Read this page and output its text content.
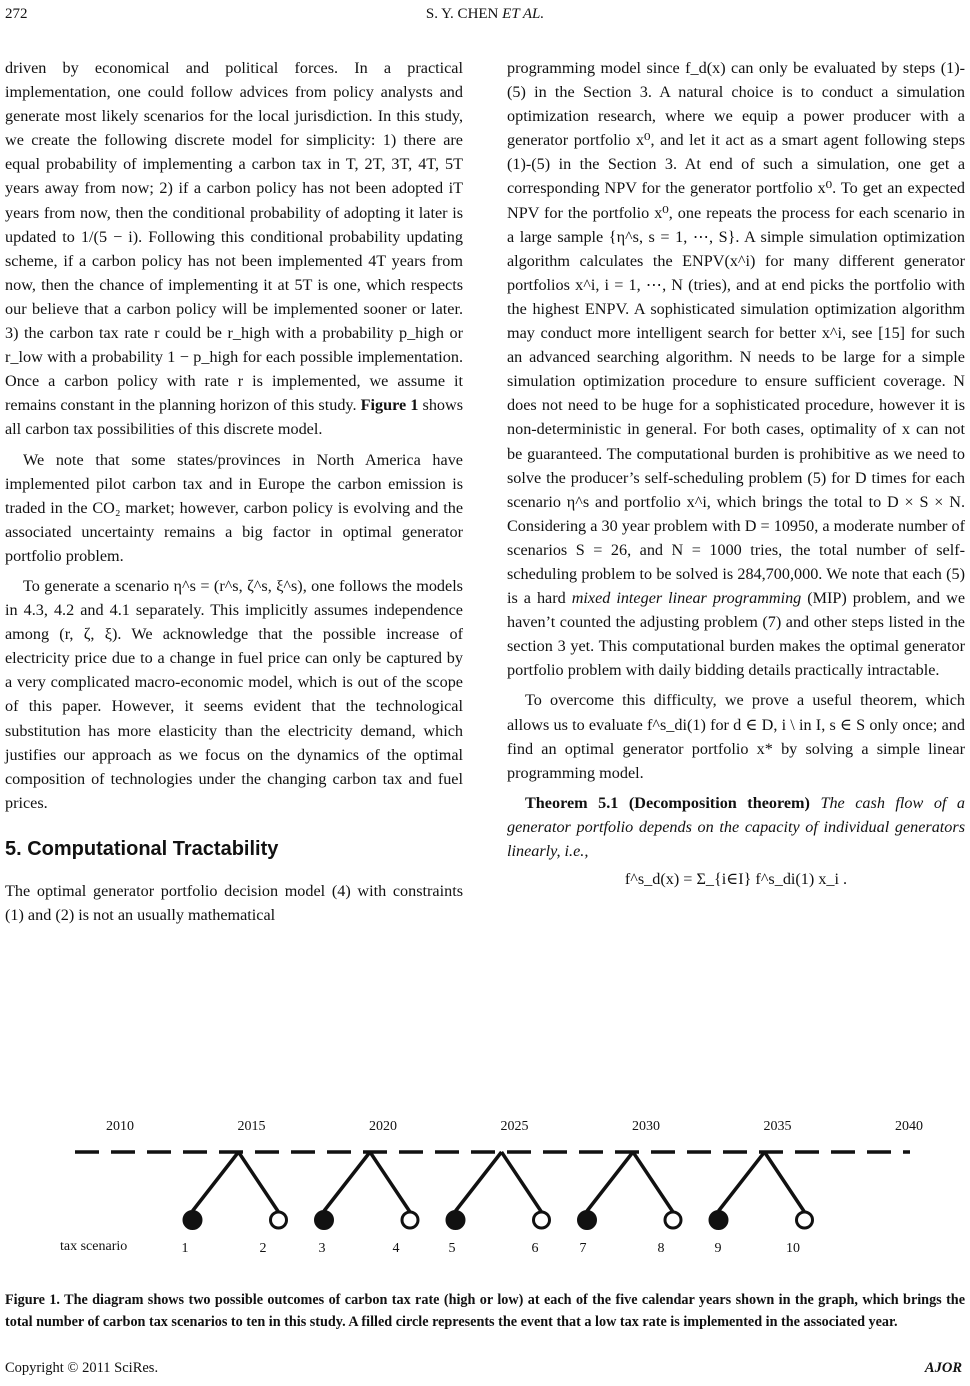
272	S. Y. CHEN ET AL.

driven by economical and political forces. In a practical implementation, one could follow advices from policy analysts and generate most likely scenarios for the local jurisdiction. In this study, we create the following discrete model for simplicity: 1) there are equal probability of implementing a carbon tax in T, 2T, 3T, 4T, 5T years away from now; 2) if a carbon policy has not been adopted iT years from now, then the conditional probability of adopting it later is updated to 1/(5 − i). Following this conditional probability updating scheme, if a carbon policy has not been implemented 4T years from now, then the chance of implementing it at 5T is one, which respects our believe that a carbon policy will be implemented sooner or later. 3) the carbon tax rate r could be r_high with a probability p_high or r_low with a probability 1 − p_high for each possible implementation. Once a carbon policy with rate r is implemented, we assume it remains constant in the planning horizon of this study. Figure 1 shows all carbon tax possibilities of this discrete model.

We note that some states/provinces in North America have implemented pilot carbon tax and in Europe the carbon emission is traded in the CO₂ market; however, carbon policy is evolving and the associated uncertainty remains a big factor in optimal generator portfolio problem.

To generate a scenario η^s = (r^s, ζ^s, ξ^s), one follows the models in 4.3, 4.2 and 4.1 separately. This implicitly assumes independence among (r, ζ, ξ). We acknowledge that the possible increase of electricity price due to a change in fuel price can only be captured by a very complicated macro-economic model, which is out of the scope of this paper. However, it seems evident that the technological substitution has more elasticity than the electricity demand, which justifies our approach as we focus on the dynamics of the optimal composition of technologies under the changing carbon tax and fuel prices.

5. Computational Tractability

The optimal generator portfolio decision model (4) with constraints (1) and (2) is not an usually mathematical

programming model since f_d(x) can only be evaluated by steps (1)-(5) in the Section 3. A natural choice is to conduct a simulation optimization research, where we equip a power producer with a generator portfolio x⁰, and let it act as a smart agent following steps (1)-(5) in the Section 3. At end of such a simulation, one get a corresponding NPV for the generator portfolio x⁰. To get an expected NPV for the portfolio x⁰, one repeats the process for each scenario in a large sample {η^s, s = 1, ⋯, S}. A simple simulation optimization algorithm calculates the ENPV(x^i) for many different generator portfolios x^i, i = 1, ⋯, N (tries), and at end picks the portfolio with the highest ENPV. A sophisticated simulation optimization algorithm may conduct more intelligent search for better x^i, see [15] for such an advanced searching algorithm. N needs to be large for a simple simulation optimization procedure to ensure sufficient coverage. N does not need to be huge for a sophisticated procedure, however it is non-deterministic in general. For both cases, optimality of x can not be guaranteed. The computational burden is prohibitive as we need to solve the producer’s self-scheduling problem (5) for D times for each scenario η^s and portfolio x^i, which brings the total to D × S × N. Considering a 30 year problem with D = 10950, a moderate number of scenarios S = 26, and N = 1000 tries, the total number of self-scheduling problem to be solved is 284,700,000. We note that each (5) is a hard mixed integer linear programming (MIP) problem, and we haven’t counted the adjusting problem (7) and other steps listed in the section 3 yet. This computational burden makes the optimal generator portfolio problem with daily bidding details practically intractable.

To overcome this difficulty, we prove a useful theorem, which allows us to evaluate f^s_di(1) for d ∈ D, i \ in I, s ∈ S only once; and find an optimal generator portfolio x* by solving a simple linear programming model.

Theorem 5.1 (Decomposition theorem) The cash flow of a generator portfolio depends on the capacity of individual generators linearly, i.e.,

f^s_d(x) = Σ_{i∈I} f^s_di(1) x_i .

2010	2015	2020	2025	2030	2035	2040
tax scenario	1	2	3	4	5	6	7	8	9	10
Figure 1. The diagram shows two possible outcomes of carbon tax rate (high or low) at each of the five calendar years shown in the graph, which brings the total number of carbon tax scenarios to ten in this study. A filled circle represents the event that a low tax rate is implemented in the associated year.
Copyright © 2011 SciRes.	AJOR
